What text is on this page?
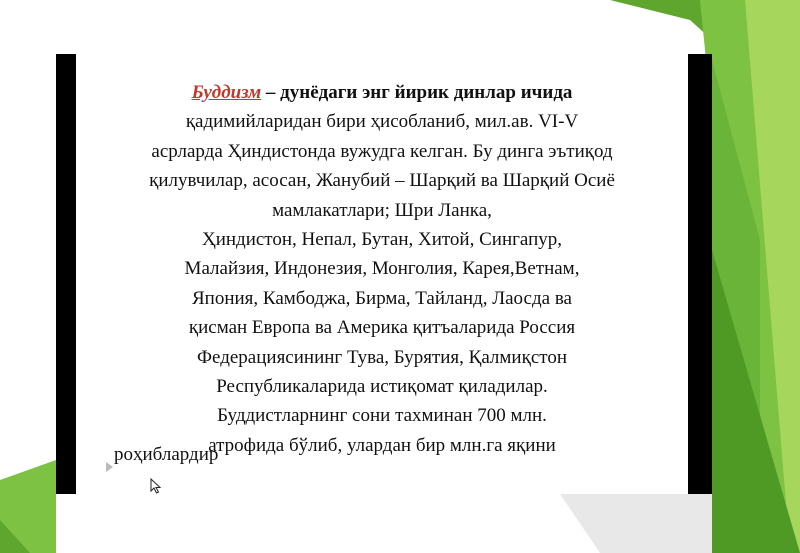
Буддизм – дунёдаги энг йирик динлар ичида
қадимийларидан бири ҳисобланиб, мил.ав. VI-V
асрларда Ҳиндистонда вужудга келган. Бу динга эътиқод
қилувчилар, асосан, Жанубий – Шарқий ва Шарқий Осиё
мамлакатлари; Шри Ланка,
Ҳиндистон, Непал, Бутан, Хитой, Сингапур,
Малайзия, Индонезия, Монголия, Карея,Ветнам,
Япония, Камбоджа, Бирма, Тайланд, Лаосда ва
қисман Европа ва Америка қитъаларида Россия
Федерациясининг Тува, Бурятия, Қалмиқстон
Республикаларида истиқомат қиладилар.
Буддистларнинг сони тахминан 700 млн.
атрофида бўлиб, улардан бир млн.га яқини
роҳиблардир
